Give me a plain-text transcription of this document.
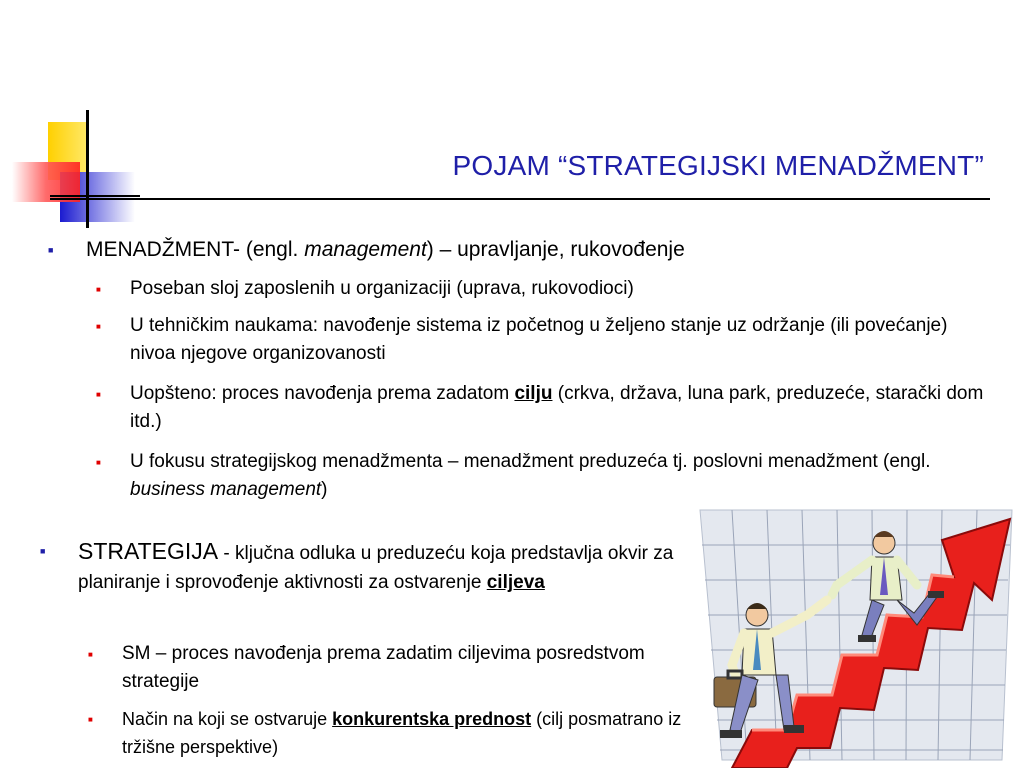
POJAM “STRATEGIJSKI MENADŽMENT”
■ MENADŽMENT- (engl. management) – upravljanje, rukovođenje
■ Poseban sloj zaposlenih u organizaciji (uprava, rukovodioci)
■ U tehničkim naukama: navođenje sistema iz početnog u željeno stanje uz održanje (ili povećanje) nivoa njegove organizovanosti
■ Uopšteno: proces navođenja prema zadatom cilju (crkva, država, luna park, preduzeće, starački dom itd.)
■ U fokusu strategijskog menadžmenta – menadžment preduzeća tj. poslovni menadžment (engl. business management)
■ STRATEGIJA - ključna odluka u preduzeću koja predstavlja okvir za planiranje i sprovođenje aktivnosti za ostvarenje ciljeva
■ SM – proces navođenja prema zadatim ciljevima posredstvom strategije
■ Način na koji se ostvaruje konkurentska prednost (cilj posmatrano iz tržišne perspektive)
